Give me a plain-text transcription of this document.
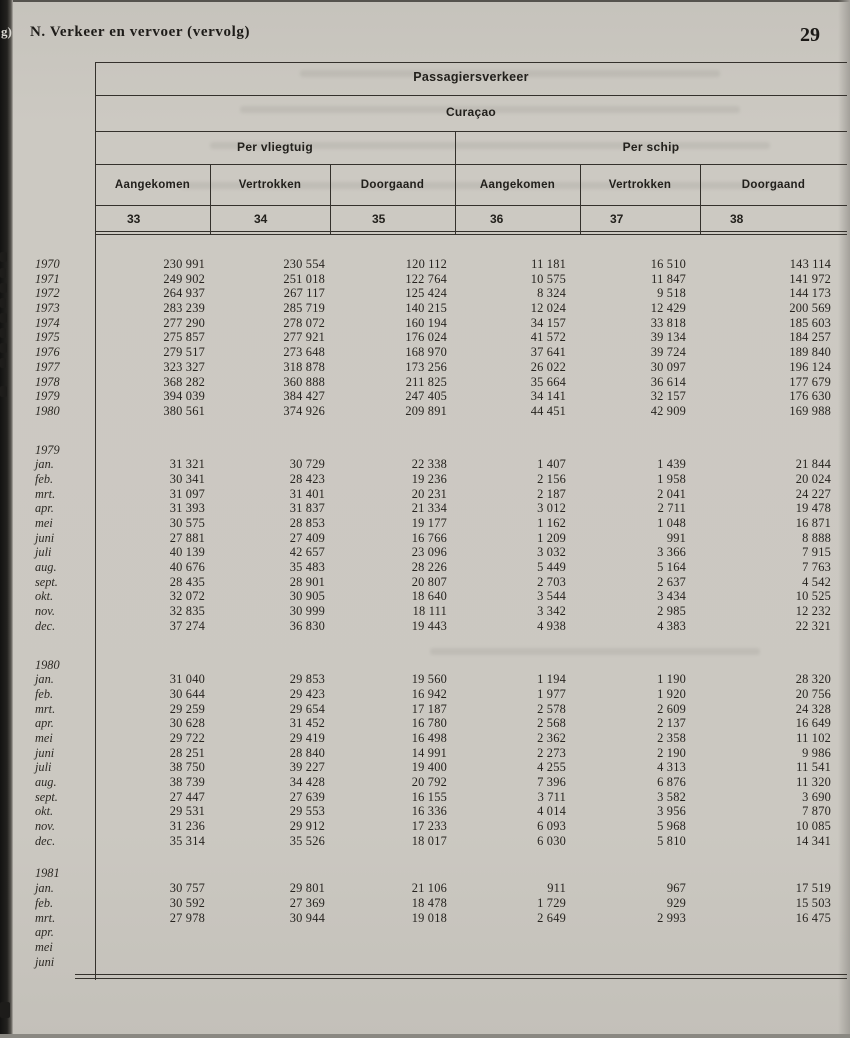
g) N. Verkeer en vervoer (vervolg)	29
Passagiersverkeer
Curaçao
Per vliegtuig	Per schip
Aangekomen	Vertrokken	Doorgaand	Aangekomen	Vertrokken	Doorgaand
33	34	35	36	37	38
1970	230 991	230 554	120 112	11 181	16 510	143 114
1971	249 902	251 018	122 764	10 575	11 847	141 972
1972	264 937	267 117	125 424	8 324	9 518	144 173
1973	283 239	285 719	140 215	12 024	12 429	200 569
1974	277 290	278 072	160 194	34 157	33 818	185 603
1975	275 857	277 921	176 024	41 572	39 134	184 257
1976	279 517	273 648	168 970	37 641	39 724	189 840
1977	323 327	318 878	173 256	26 022	30 097	196 124
1978	368 282	360 888	211 825	35 664	36 614	177 679
1979	394 039	384 427	247 405	34 141	32 157	176 630
1980	380 561	374 926	209 891	44 451	42 909	169 988
1979
jan.	31 321	30 729	22 338	1 407	1 439	21 844
feb.	30 341	28 423	19 236	2 156	1 958	20 024
mrt.	31 097	31 401	20 231	2 187	2 041	24 227
apr.	31 393	31 837	21 334	3 012	2 711	19 478
mei	30 575	28 853	19 177	1 162	1 048	16 871
juni	27 881	27 409	16 766	1 209	991	8 888
juli	40 139	42 657	23 096	3 032	3 366	7 915
aug.	40 676	35 483	28 226	5 449	5 164	7 763
sept.	28 435	28 901	20 807	2 703	2 637	4 542
okt.	32 072	30 905	18 640	3 544	3 434	10 525
nov.	32 835	30 999	18 111	3 342	2 985	12 232
dec.	37 274	36 830	19 443	4 938	4 383	22 321
1980
jan.	31 040	29 853	19 560	1 194	1 190	28 320
feb.	30 644	29 423	16 942	1 977	1 920	20 756
mrt.	29 259	29 654	17 187	2 578	2 609	24 328
apr.	30 628	31 452	16 780	2 568	2 137	16 649
mei	29 722	29 419	16 498	2 362	2 358	11 102
juni	28 251	28 840	14 991	2 273	2 190	9 986
juli	38 750	39 227	19 400	4 255	4 313	11 541
aug.	38 739	34 428	20 792	7 396	6 876	11 320
sept.	27 447	27 639	16 155	3 711	3 582	3 690
okt.	29 531	29 553	16 336	4 014	3 956	7 870
nov.	31 236	29 912	17 233	6 093	5 968	10 085
dec.	35 314	35 526	18 017	6 030	5 810	14 341
1981
jan.	30 757	29 801	21 106	911	967	17 519
feb.	30 592	27 369	18 478	1 729	929	15 503
mrt.	27 978	30 944	19 018	2 649	2 993	16 475
apr.
mei
juni
